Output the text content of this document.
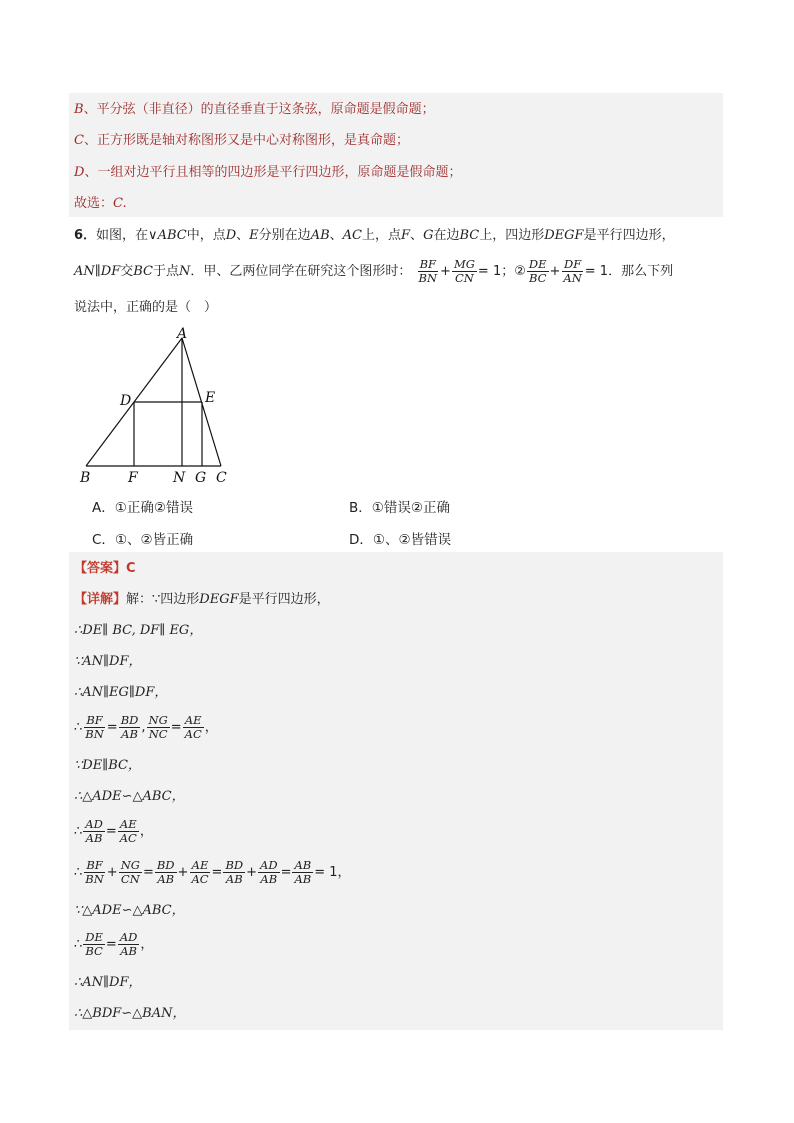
B、平分弦（非直径）的直径垂直于这条弦，原命题是假命题；
C、正方形既是轴对称图形又是中心对称图形，是真命题；
D、一组对边平行且相等的四边形是平行四边形，原命题是假命题；
故选：C.
6．如图，在∨ABC中，点D、E分别在边AB、AC上，点F、G在边BC上，四边形DEGF是平行四边形，
AN∥DF交BC于点N．甲、乙两位同学在研究这个图形时： $\frac{BF}{BN} + \frac{MG}{CN} = 1$；② $\frac{DE}{BC} + \frac{DF}{AN} = 1$．那么下列
说法中，正确的是（　）
A
D	E
B	F	N G C
A．①正确②错误	B．①错误②正确
C．①、②皆正确	D．①、②皆错误
【答案】C
【详解】解：∵四边形DEGF是平行四边形，
∴DE∥ BC, DF∥ EG，
∵AN∥DF，
∴AN∥EG∥DF，
∴ $\frac{BF}{BN} = \frac{BD}{AB}$ , $\frac{NG}{NC} = \frac{AE}{AC}$ ，
∵DE∥BC，
∴△ADE∽△ABC，
∴ $\frac{AD}{AB} = \frac{AE}{AC}$ ，
∴ $\frac{BF}{BN} + \frac{NG}{CN} = \frac{BD}{AB} + \frac{AE}{AC} = \frac{BD}{AB} + \frac{AD}{AB} = \frac{AB}{AB} = 1$，
∵△ADE∽△ABC，
∴ $\frac{DE}{BC} = \frac{AD}{AB}$ ，
∴AN∥DF，
∴△BDF∽△BAN，
